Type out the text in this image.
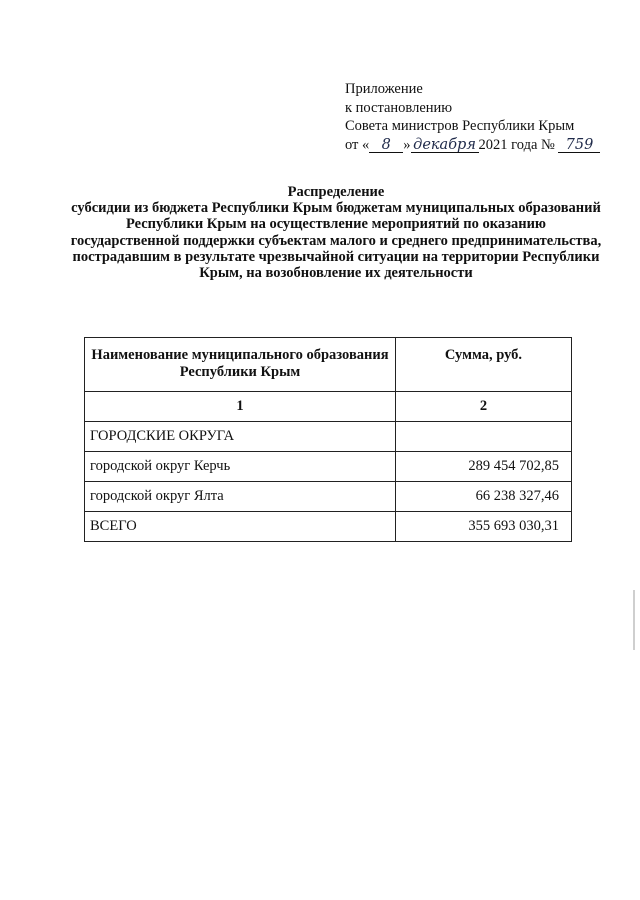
Приложение
к постановлению
Совета министров Республики Крым
от « 8 » декабря 2021 года № 759
Распределение
субсидии из бюджета Республики Крым бюджетам муниципальных образований Республики Крым на осуществление мероприятий по оказанию государственной поддержки субъектам малого и среднего предпринимательства, пострадавшим в результате чрезвычайной ситуации на территории Республики Крым, на возобновление их деятельности
Наименование муниципального образования Республики Крым	Сумма, руб.
1	2
ГОРОДСКИЕ ОКРУГА	
городской округ Керчь	289 454 702,85
городской округ Ялта	66 238 327,46
ВСЕГО	355 693 030,31
